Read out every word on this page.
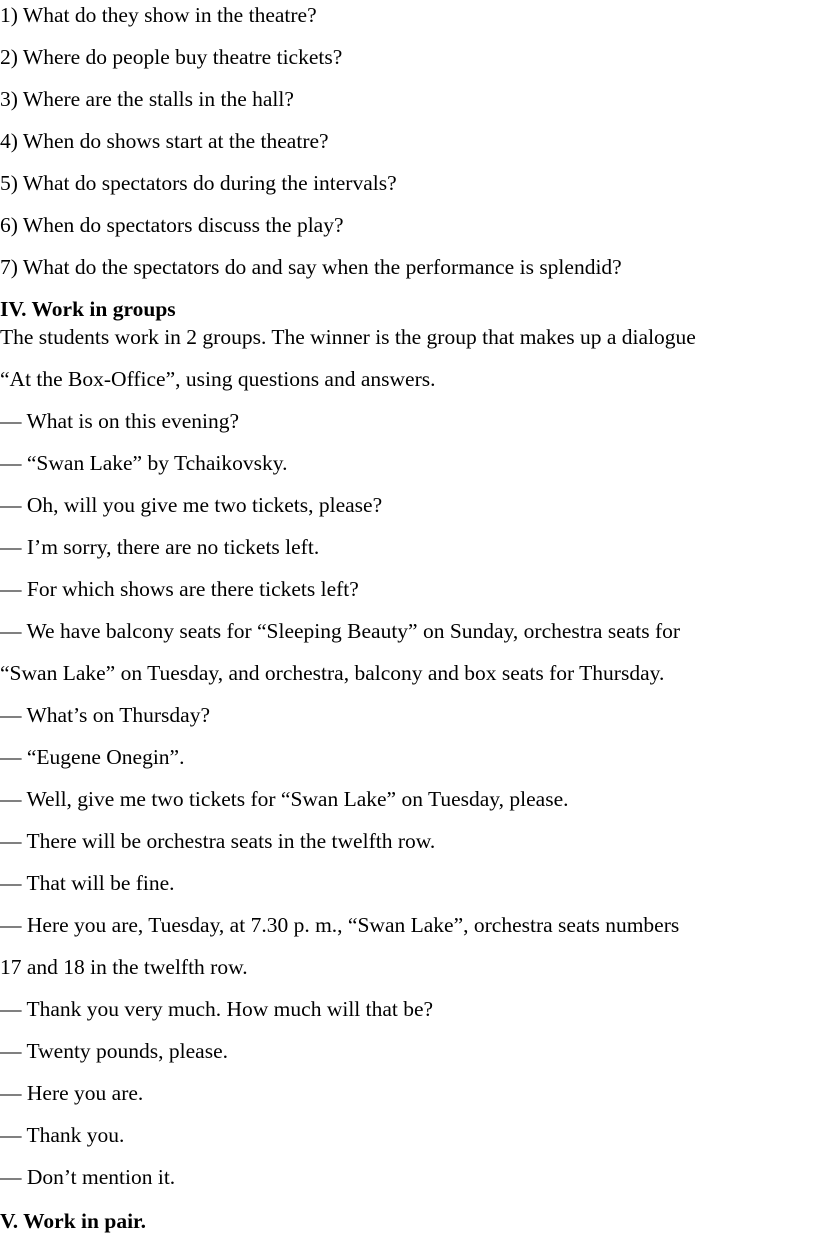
1) What do they show in the theatre?
2) Where do people buy theatre tickets?
3) Where are the stalls in the hall?
4) When do shows start at the theatre?
5) What do spectators do during the intervals?
6) When do spectators discuss the play?
7) What do the spectators do and say when the performance is splendid?
IV. Work in groups
The students work in 2 groups. The winner is the group that makes up a dialogue
“At the Box-Office”, using questions and answers.
— What is on this evening?
— “Swan Lake” by Tchaikovsky.
— Oh, will you give me two tickets, please?
— I’m sorry, there are no tickets left.
— For which shows are there tickets left?
— We have balcony seats for “Sleeping Beauty” on Sunday, orchestra seats for
“Swan Lake” on Tuesday, and orchestra, balcony and box seats for Thursday.
— What’s on Thursday?
— “Eugene Onegin”.
— Well, give me two tickets for “Swan Lake” on Tuesday, please.
— There will be orchestra seats in the twelfth row.
— That will be fine.
— Here you are, Tuesday, at 7.30 p. m., “Swan Lake”, orchestra seats numbers
17 and 18 in the twelfth row.
— Thank you very much. How much will that be?
— Twenty pounds, please.
— Here you are.
— Thank you.
— Don’t mention it.
V. Work in pair.
